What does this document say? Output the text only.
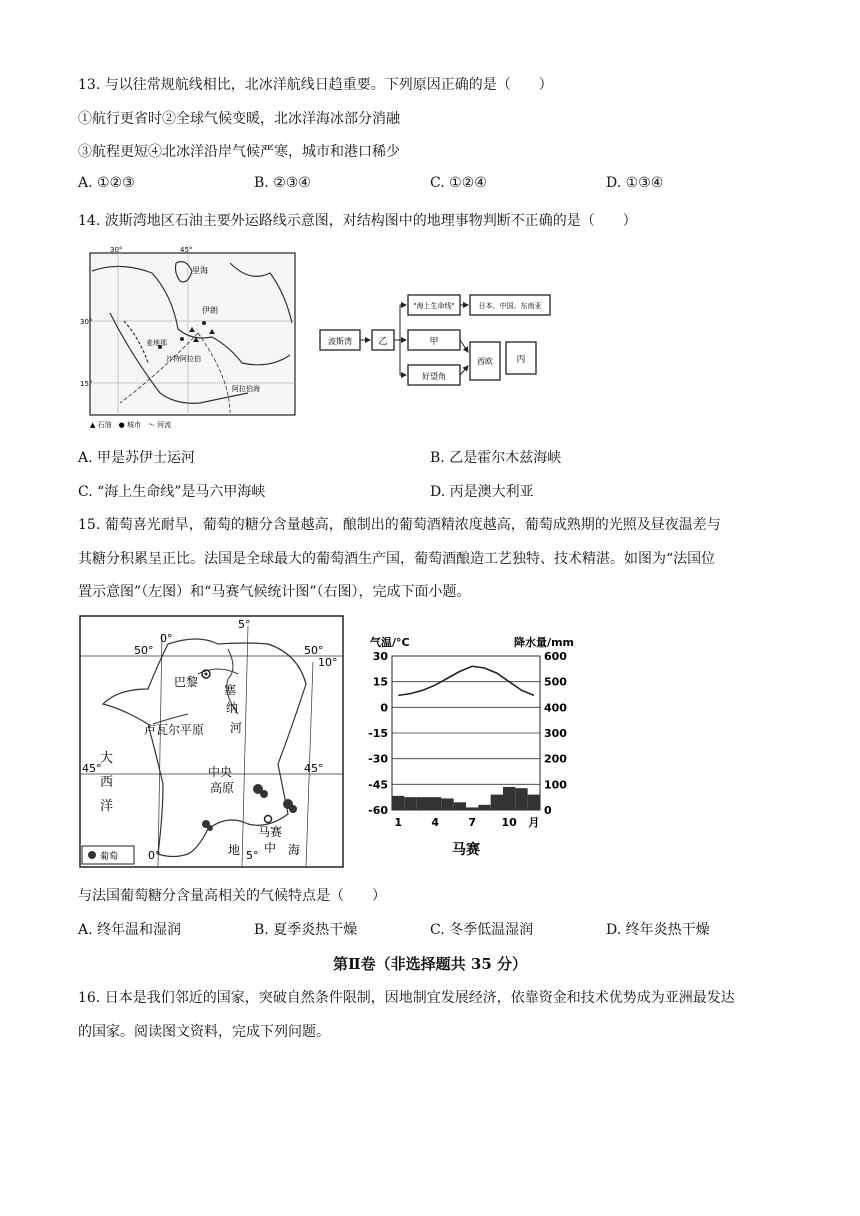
13. 与以往常规航线相比，北冰洋航线日趋重要。下列原因正确的是（　　）
①航行更省时②全球气候变暖，北冰洋海冰部分消融
③航程更短④北冰洋沿岸气候严寒，城市和港口稀少
A. ①②③	B. ②③④	C. ①②④	D. ①③④
14. 波斯湾地区石油主要外运路线示意图，对结构图中的地理事物判断不正确的是（　　）
30°	45°
30°
15°
里海
伊朗
麦地那
沙特阿拉伯
阿拉伯海
▲ 石油　● 城市　～ 河流
波斯湾	乙
"海上生命线"
甲
好望角
日本、中国、东南亚
西欧	丙
A. 甲是苏伊士运河	B. 乙是霍尔木兹海峡
C. “海上生命线”是马六甲海峡	D. 丙是澳大利亚
15. 葡萄喜光耐旱，葡萄的糖分含量越高，酿制出的葡萄酒精浓度越高，葡萄成熟期的光照及昼夜温差与
其糖分积累呈正比。法国是全球最大的葡萄酒生产国，葡萄酒酿造工艺独特、技术精湛。如图为“法国位
置示意图”（左图）和“马赛气候统计图”（右图），完成下面小题。
0°
5°
10°
0°	5°
50°	50°
45°	45°
巴黎
塞
纳
河
卢瓦尔平原
大
西
洋
中央
高原
马赛
地 中 海
葡萄
气温/°C	降水量/mm
30
15
0
-15
-30
-45
-60
600
500
400
300
200
100
0
1	4	7 10 月
马赛
与法国葡萄糖分含量高相关的气候特点是（　　）
A. 终年温和湿润	B. 夏季炎热干燥	C. 冬季低温湿润	D. 终年炎热干燥
第Ⅱ卷（非选择题共 35 分）
16. 日本是我们邻近的国家，突破自然条件限制，因地制宜发展经济，依靠资金和技术优势成为亚洲最发达
的国家。阅读图文资料，完成下列问题。
